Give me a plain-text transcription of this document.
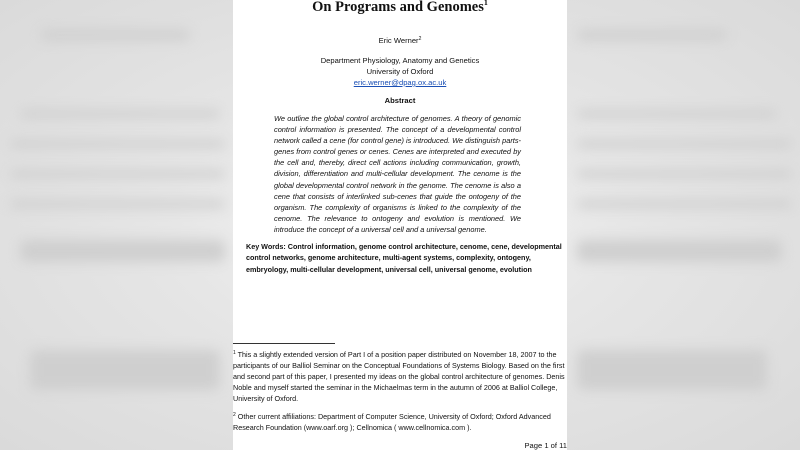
On Programs and Genomes$^1$
Eric Werner$^2$
Department Physiology, Anatomy and Genetics
University of Oxford
eric.werner@dpag.ox.ac.uk
Abstract

We outline the global control architecture of genomes. A theory of genomic control information is presented. The concept of a developmental control network called a cene (for control gene) is introduced. We distinguish parts-genes from control genes or cenes. Cenes are interpreted and executed by the cell and, thereby, direct cell actions including communication, growth, division, differentiation and multi-cellular development. The cenome is the global developmental control network in the genome. The cenome is also a cene that consists of interlinked sub-cenes that guide the ontogeny of the organism. The complexity of organisms is linked to the complexity of the cenome. The relevance to ontogeny and evolution is mentioned. We introduce the concept of a universal cell and a universal genome.

Key Words: Control information, genome control architecture, cenome, cene, developmental control networks, genome architecture, multi-agent systems, complexity, ontogeny, embryology, multi-cellular development, universal cell, universal genome, evolution

$^1$ This a slightly extended version of Part I of a position paper distributed on November 18, 2007 to the participants of our Balliol Seminar on the Conceptual Foundations of Systems Biology. Based on the first and second part of this paper, I presented my ideas on the global control architecture of genomes. Denis Noble and myself started the seminar in the Michaelmas term in the autumn of 2006 at Balliol College, University of Oxford.

$^2$ Other current affiliations: Department of Computer Science, University of Oxford; Oxford Advanced Research Foundation (www.oarf.org ); Cellnomica ( www.cellnomica.com ).

Page 1 of 11
